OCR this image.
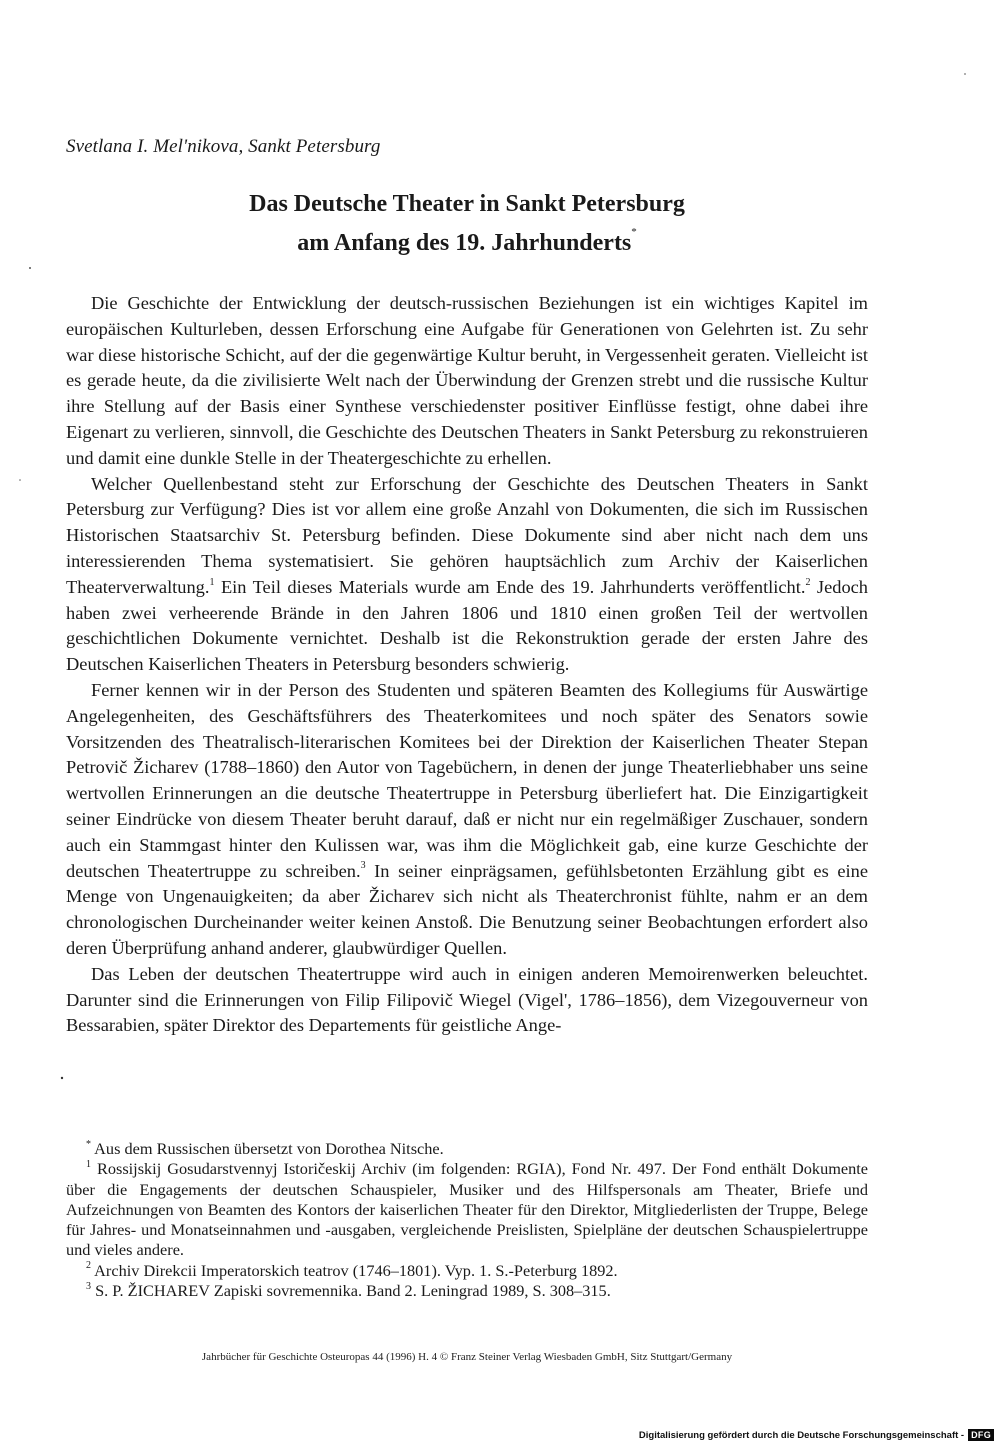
Svetlana I. Mel'nikova, Sankt Petersburg
Das Deutsche Theater in Sankt Petersburg
am Anfang des 19. Jahrhunderts*

Die Geschichte der Entwicklung der deutsch-russischen Beziehungen ist ein wichtiges Kapitel im europäischen Kulturleben, dessen Erforschung eine Aufgabe für Generationen von Gelehrten ist. Zu sehr war diese historische Schicht, auf der die gegenwärtige Kultur beruht, in Vergessenheit geraten. Vielleicht ist es gerade heute, da die zivilisierte Welt nach der Überwindung der Grenzen strebt und die russische Kultur ihre Stellung auf der Basis einer Synthese verschiedenster positiver Einflüsse festigt, ohne dabei ihre Eigenart zu verlieren, sinnvoll, die Geschichte des Deutschen Theaters in Sankt Petersburg zu rekonstruieren und damit eine dunkle Stelle in der Theatergeschichte zu erhellen.

Welcher Quellenbestand steht zur Erforschung der Geschichte des Deutschen Theaters in Sankt Petersburg zur Verfügung? Dies ist vor allem eine große Anzahl von Dokumenten, die sich im Russischen Historischen Staatsarchiv St. Petersburg befinden. Diese Dokumente sind aber nicht nach dem uns interessierenden Thema systematisiert. Sie gehören hauptsächlich zum Archiv der Kaiserlichen Theaterverwaltung.$^1$ Ein Teil dieses Materials wurde am Ende des 19. Jahrhunderts veröffentlicht.$^2$ Jedoch haben zwei verheerende Brände in den Jahren 1806 und 1810 einen großen Teil der wertvollen geschichtlichen Dokumente vernichtet. Deshalb ist die Rekonstruktion gerade der ersten Jahre des Deutschen Kaiserlichen Theaters in Petersburg besonders schwierig.

Ferner kennen wir in der Person des Studenten und späteren Beamten des Kollegiums für Auswärtige Angelegenheiten, des Geschäftsführers des Theaterkomitees und noch später des Senators sowie Vorsitzenden des Theatralisch-literarischen Komitees bei der Direktion der Kaiserlichen Theater Stepan Petrovič Žicharev (1788–1860) den Autor von Tagebüchern, in denen der junge Theaterliebhaber uns seine wertvollen Erinnerungen an die deutsche Theatertruppe in Petersburg überliefert hat. Die Einzigartigkeit seiner Eindrücke von diesem Theater beruht darauf, daß er nicht nur ein regelmäßiger Zuschauer, sondern auch ein Stammgast hinter den Kulissen war, was ihm die Möglichkeit gab, eine kurze Geschichte der deutschen Theatertruppe zu schreiben.$^3$ In seiner einprägsamen, gefühlsbetonten Erzählung gibt es eine Menge von Ungenauigkeiten; da aber Žicharev sich nicht als Theaterchronist fühlte, nahm er an dem chronologischen Durcheinander weiter keinen Anstoß. Die Benutzung seiner Beobachtungen erfordert also deren Überprüfung anhand anderer, glaubwürdiger Quellen.

Das Leben der deutschen Theatertruppe wird auch in einigen anderen Memoirenwerken beleuchtet. Darunter sind die Erinnerungen von Filip Filipovič Wiegel (Vigel', 1786–1856), dem Vizegouverneur von Bessarabien, später Direktor des Departements für geistliche Ange-

* Aus dem Russischen übersetzt von Dorothea Nitsche.

$^1$ Rossijskij Gosudarstvennyj Istoričeskij Archiv (im folgenden: RGIA), Fond Nr. 497. Der Fond enthält Dokumente über die Engagements der deutschen Schauspieler, Musiker und des Hilfspersonals am Theater, Briefe und Aufzeichnungen von Beamten des Kontors der kaiserlichen Theater für den Direktor, Mitgliederlisten der Truppe, Belege für Jahres- und Monatseinnahmen und -ausgaben, vergleichende Preislisten, Spielpläne der deutschen Schauspielertruppe und vieles andere.

$^2$ Archiv Direkcii Imperatorskich teatrov (1746–1801). Vyp. 1. S.-Peterburg 1892.

$^3$ S. P. ŽICHAREV Zapiski sovremennika. Band 2. Leningrad 1989, S. 308–315.

Jahrbücher für Geschichte Osteuropas 44 (1996) H. 4 © Franz Steiner Verlag Wiesbaden GmbH, Sitz Stuttgart/Germany
Digitalisierung gefördert durch die Deutsche Forschungsgemeinschaft - DFG
